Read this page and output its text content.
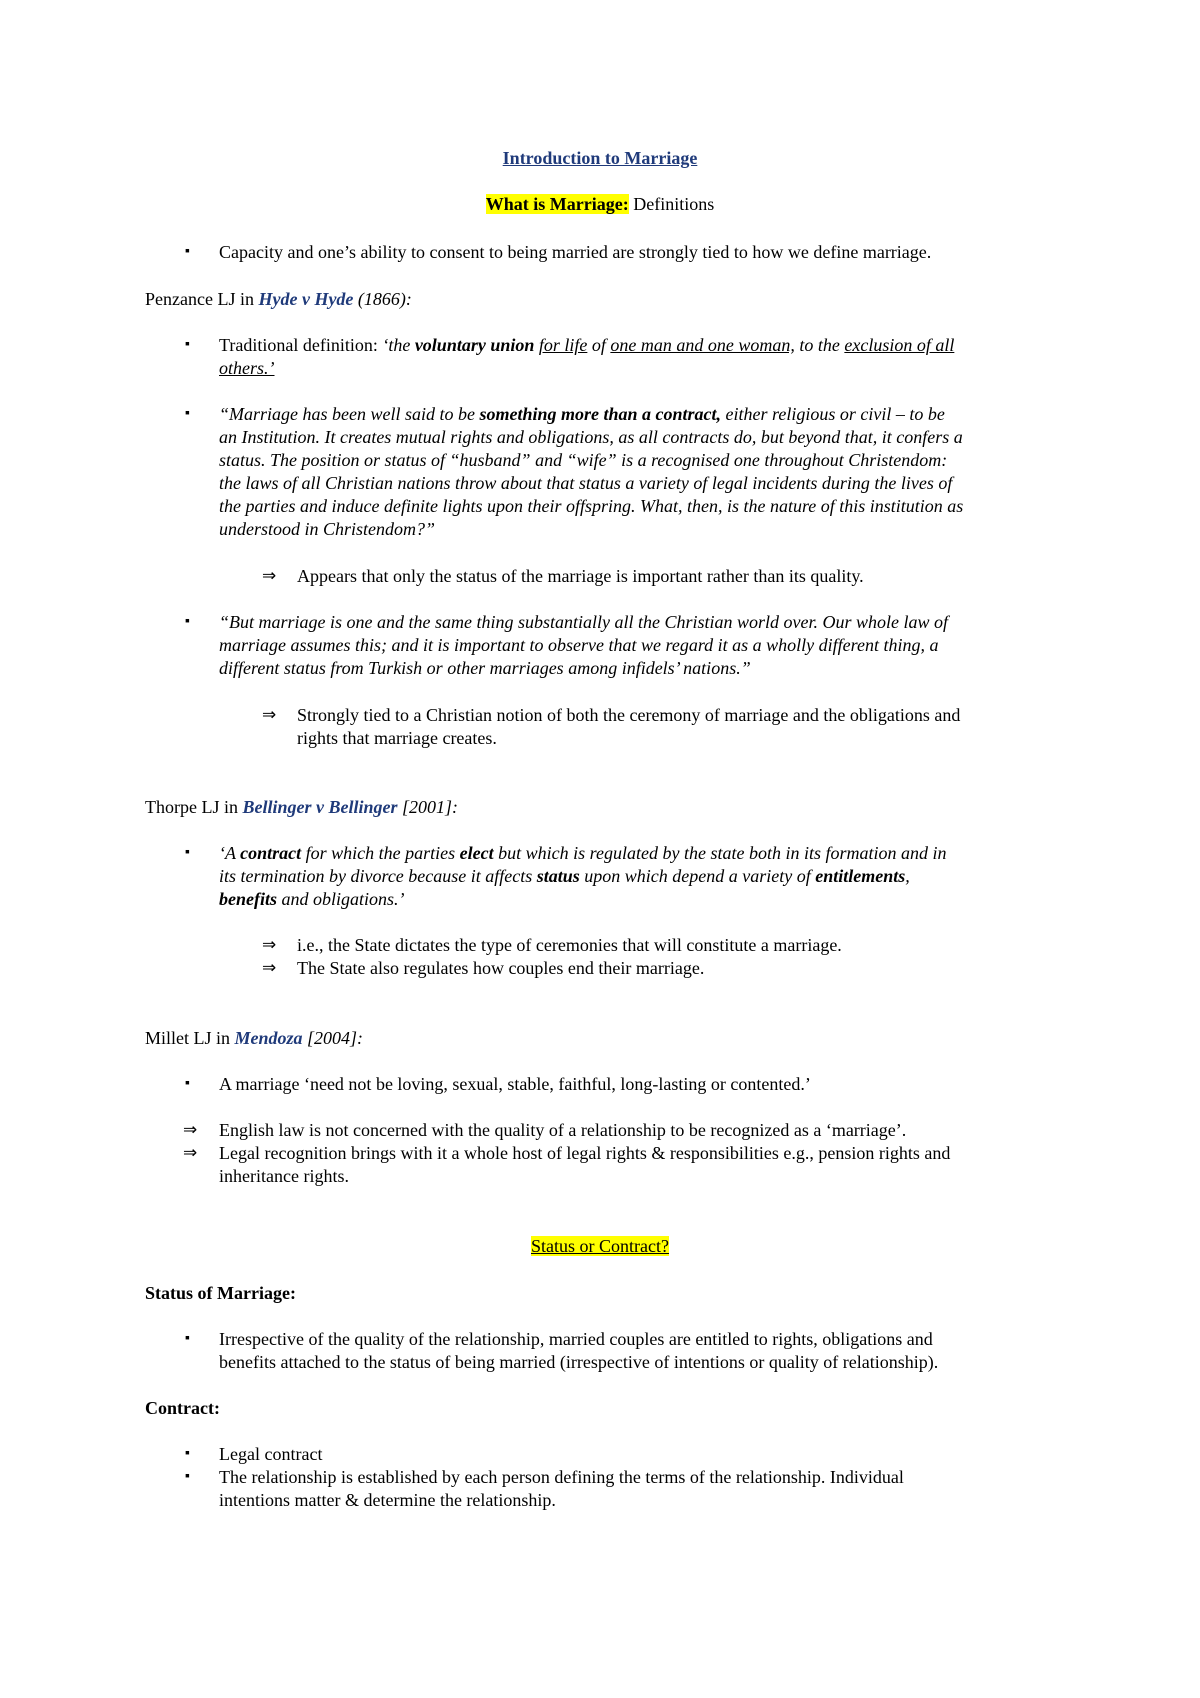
Introduction to Marriage
What is Marriage: Definitions
▪ Capacity and one’s ability to consent to being married are strongly tied to how we define marriage.
Penzance LJ in Hyde v Hyde (1866):
▪ Traditional definition: ‘the voluntary union for life of one man and one woman, to the exclusion of all
others.’
▪ “Marriage has been well said to be something more than a contract, either religious or civil – to be
an Institution. It creates mutual rights and obligations, as all contracts do, but beyond that, it confers a
status. The position or status of “husband” and “wife” is a recognised one throughout Christendom:
the laws of all Christian nations throw about that status a variety of legal incidents during the lives of
the parties and induce definite lights upon their offspring. What, then, is the nature of this institution as
understood in Christendom?”
⇒ Appears that only the status of the marriage is important rather than its quality.
▪ “But marriage is one and the same thing substantially all the Christian world over. Our whole law of
marriage assumes this; and it is important to observe that we regard it as a wholly different thing, a
different status from Turkish or other marriages among infidels’ nations.”
⇒ Strongly tied to a Christian notion of both the ceremony of marriage and the obligations and
rights that marriage creates.
Thorpe LJ in Bellinger v Bellinger [2001]:
▪ ‘A contract for which the parties elect but which is regulated by the state both in its formation and in
its termination by divorce because it affects status upon which depend a variety of entitlements,
benefits and obligations.’
⇒ i.e., the State dictates the type of ceremonies that will constitute a marriage.
⇒ The State also regulates how couples end their marriage.
Millet LJ in Mendoza [2004]:
▪ A marriage ‘need not be loving, sexual, stable, faithful, long-lasting or contented.’
⇒ English law is not concerned with the quality of a relationship to be recognized as a ‘marriage’.
⇒ Legal recognition brings with it a whole host of legal rights & responsibilities e.g., pension rights and
inheritance rights.
Status or Contract?
Status of Marriage:
▪ Irrespective of the quality of the relationship, married couples are entitled to rights, obligations and
benefits attached to the status of being married (irrespective of intentions or quality of relationship).
Contract:
▪ Legal contract
▪ The relationship is established by each person defining the terms of the relationship. Individual
intentions matter & determine the relationship.
